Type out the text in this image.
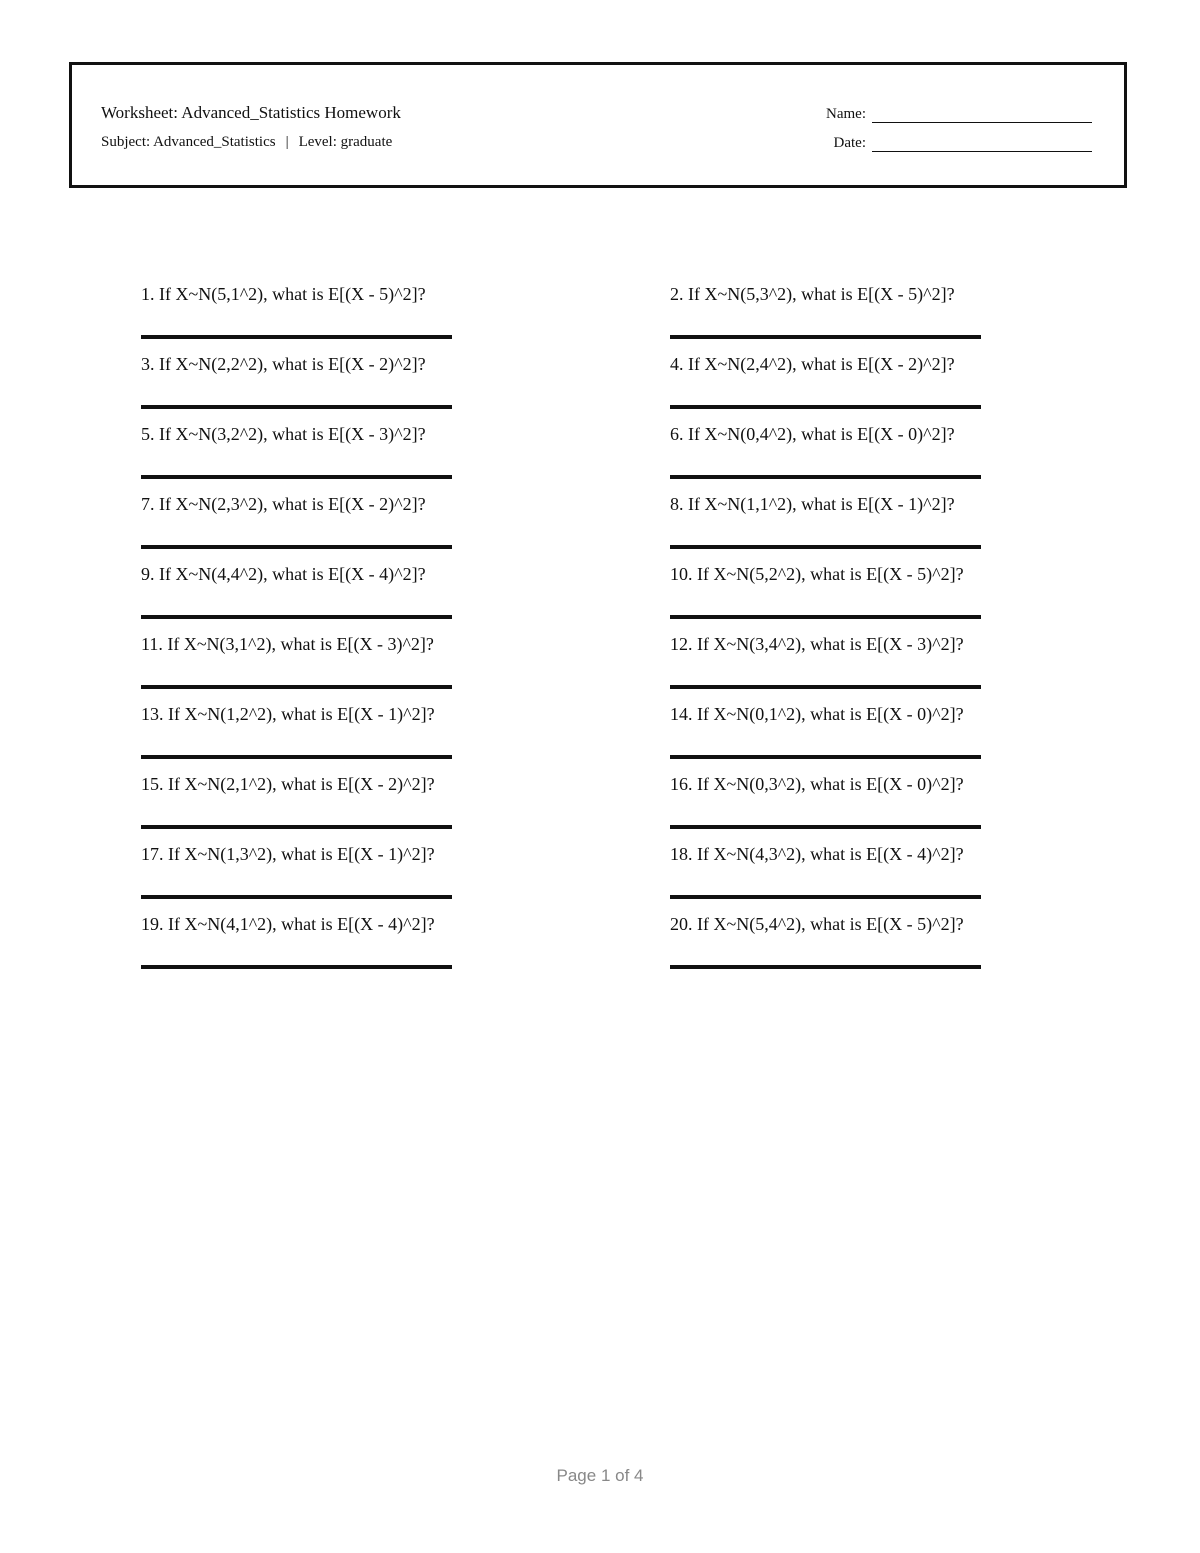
Worksheet: Advanced_Statistics Homework
Subject: Advanced_Statistics | Level: graduate
Name:
Date:
1. If X~N(5,1^2), what is E[(X - 5)^2]?	2. If X~N(5,3^2), what is E[(X - 5)^2]?
3. If X~N(2,2^2), what is E[(X - 2)^2]?	4. If X~N(2,4^2), what is E[(X - 2)^2]?
5. If X~N(3,2^2), what is E[(X - 3)^2]?	6. If X~N(0,4^2), what is E[(X - 0)^2]?
7. If X~N(2,3^2), what is E[(X - 2)^2]?	8. If X~N(1,1^2), what is E[(X - 1)^2]?
9. If X~N(4,4^2), what is E[(X - 4)^2]?	10. If X~N(5,2^2), what is E[(X - 5)^2]?
11. If X~N(3,1^2), what is E[(X - 3)^2]?	12. If X~N(3,4^2), what is E[(X - 3)^2]?
13. If X~N(1,2^2), what is E[(X - 1)^2]?	14. If X~N(0,1^2), what is E[(X - 0)^2]?
15. If X~N(2,1^2), what is E[(X - 2)^2]?	16. If X~N(0,3^2), what is E[(X - 0)^2]?
17. If X~N(1,3^2), what is E[(X - 1)^2]?	18. If X~N(4,3^2), what is E[(X - 4)^2]?
19. If X~N(4,1^2), what is E[(X - 4)^2]?	20. If X~N(5,4^2), what is E[(X - 5)^2]?
Page 1 of 4
